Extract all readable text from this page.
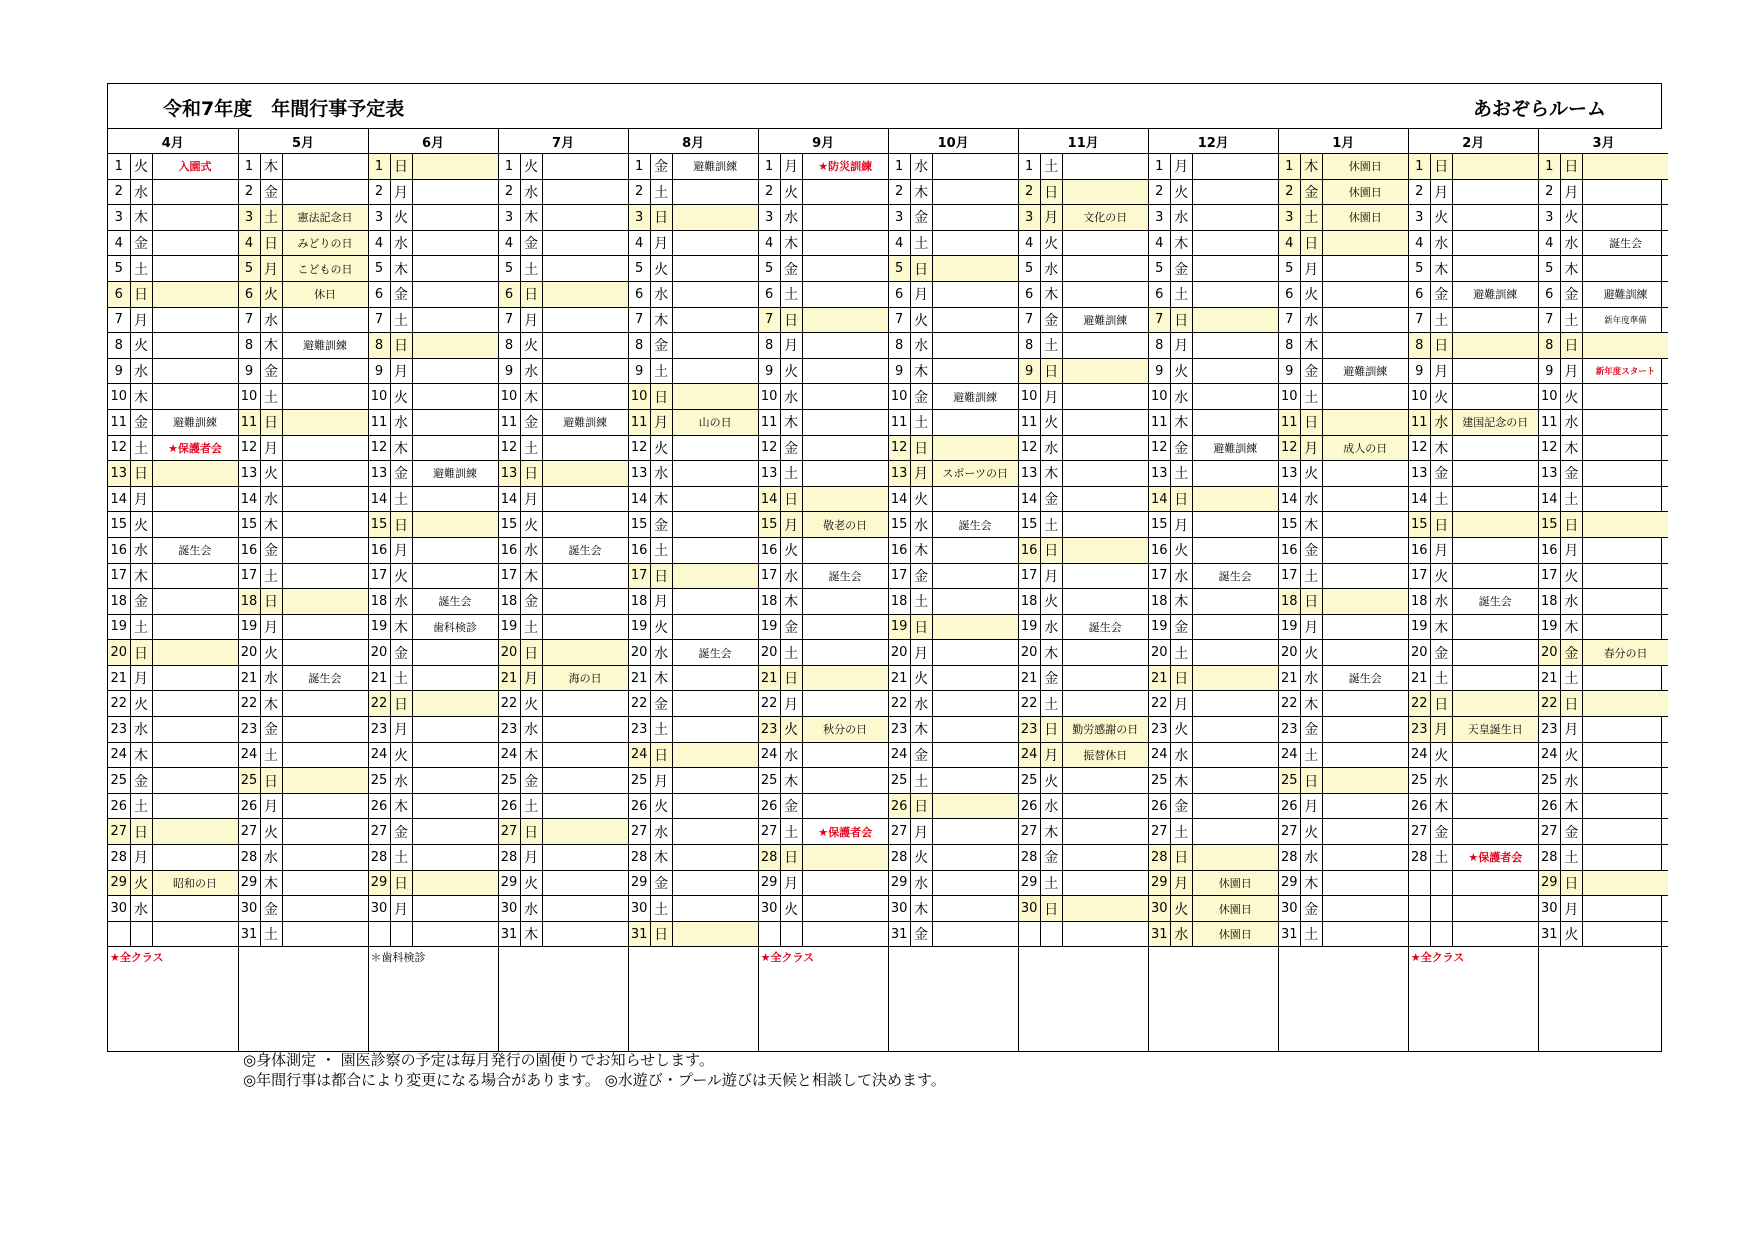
令和7年度　年間行事予定表	あおぞらルーム
4月			5月			6月			7月			8月			9月			10月			11月			12月			1月			2月			3月		
1	火	入園式	1	木		1	日		1	火		1	金	避難訓練	1	月	★防災訓練	1	水		1	土		1	月		1	木	休園日	1	日		1	日	
2	水		2	金		2	月		2	水		2	土		2	火		2	木		2	日		2	火		2	金	休園日	2	月		2	月	
3	木		3	土	憲法記念日	3	火		3	木		3	日		3	水		3	金		3	月	文化の日	3	水		3	土	休園日	3	火		3	火	
4	金		4	日	みどりの日	4	水		4	金		4	月		4	木		4	土		4	火		4	木		4	日		4	水		4	水	誕生会
5	土		5	月	こどもの日	5	木		5	土		5	火		5	金		5	日		5	水		5	金		5	月		5	木		5	木	
6	日		6	火	休日	6	金		6	日		6	水		6	土		6	月		6	木		6	土		6	火		6	金	避難訓練	6	金	避難訓練
7	月		7	水		7	土		7	月		7	木		7	日		7	火		7	金	避難訓練	7	日		7	水		7	土		7	土	新年度準備
8	火		8	木	避難訓練	8	日		8	火		8	金		8	月		8	水		8	土		8	月		8	木		8	日		8	日	
9	水		9	金		9	月		9	水		9	土		9	火		9	木		9	日		9	火		9	金	避難訓練	9	月		9	月	新年度スタート
10	木		10	土		10	火		10	木		10	日		10	水		10	金	避難訓練	10	月		10	水		10	土		10	火		10	火	
11	金	避難訓練	11	日		11	水		11	金	避難訓練	11	月	山の日	11	木		11	土		11	火		11	木		11	日		11	水	建国記念の日	11	水	
12	土	★保護者会	12	月		12	木		12	土		12	火		12	金		12	日		12	水		12	金	避難訓練	12	月	成人の日	12	木		12	木	
13	日		13	火		13	金	避難訓練	13	日		13	水		13	土		13	月	スポーツの日	13	木		13	土		13	火		13	金		13	金	
14	月		14	水		14	土		14	月		14	木		14	日		14	火		14	金		14	日		14	水		14	土		14	土	
15	火		15	木		15	日		15	火		15	金		15	月	敬老の日	15	水	誕生会	15	土		15	月		15	木		15	日		15	日	
16	水	誕生会	16	金		16	月		16	水	誕生会	16	土		16	火		16	木		16	日		16	火		16	金		16	月		16	月	
17	木		17	土		17	火		17	木		17	日		17	水	誕生会	17	金		17	月		17	水	誕生会	17	土		17	火		17	火	
18	金		18	日		18	水	誕生会	18	金		18	月		18	木		18	土		18	火		18	木		18	日		18	水	誕生会	18	水	
19	土		19	月		19	木	歯科検診	19	土		19	火		19	金		19	日		19	水	誕生会	19	金		19	月		19	木		19	木	
20	日		20	火		20	金		20	日		20	水	誕生会	20	土		20	月		20	木		20	土		20	火		20	金		20	金	春分の日
21	月		21	水	誕生会	21	土		21	月	海の日	21	木		21	日		21	火		21	金		21	日		21	水	誕生会	21	土		21	土	
22	火		22	木		22	日		22	火		22	金		22	月		22	水		22	土		22	月		22	木		22	日		22	日	
23	水		23	金		23	月		23	水		23	土		23	火	秋分の日	23	木		23	日	勤労感謝の日	23	火		23	金		23	月	天皇誕生日	23	月	
24	木		24	土		24	火		24	木		24	日		24	水		24	金		24	月	振替休日	24	水		24	土		24	火		24	火	
25	金		25	日		25	水		25	金		25	月		25	木		25	土		25	火		25	木		25	日		25	水		25	水	
26	土		26	月		26	木		26	土		26	火		26	金		26	日		26	水		26	金		26	月		26	木		26	木	
27	日		27	火		27	金		27	日		27	水		27	土	★保護者会	27	月		27	木		27	土		27	火		27	金		27	金	
28	月		28	水		28	土		28	月		28	木		28	日		28	火		28	金		28	日		28	水		28	土	★保護者会	28	土	
29	火	昭和の日	29	木		29	日		29	火		29	金		29	月		29	水		29	土		29	月	休園日	29	木					29	日	
30	水		30	金		30	月		30	水		30	土		30	火		30	木		30	日		30	火	休園日	30	金					30	月	
			31	土					31	木		31	日					31	金					31	水	休園日	31	土					31	火	
★全クラス						＊歯科検診									★全クラス															★全クラス					
◎身体測定 ・ 園医診察の予定は毎月発行の園便りでお知らせします。
◎年間行事は都合により変更になる場合があります。 ◎水遊び・プール遊びは天候と相談して決めます。
